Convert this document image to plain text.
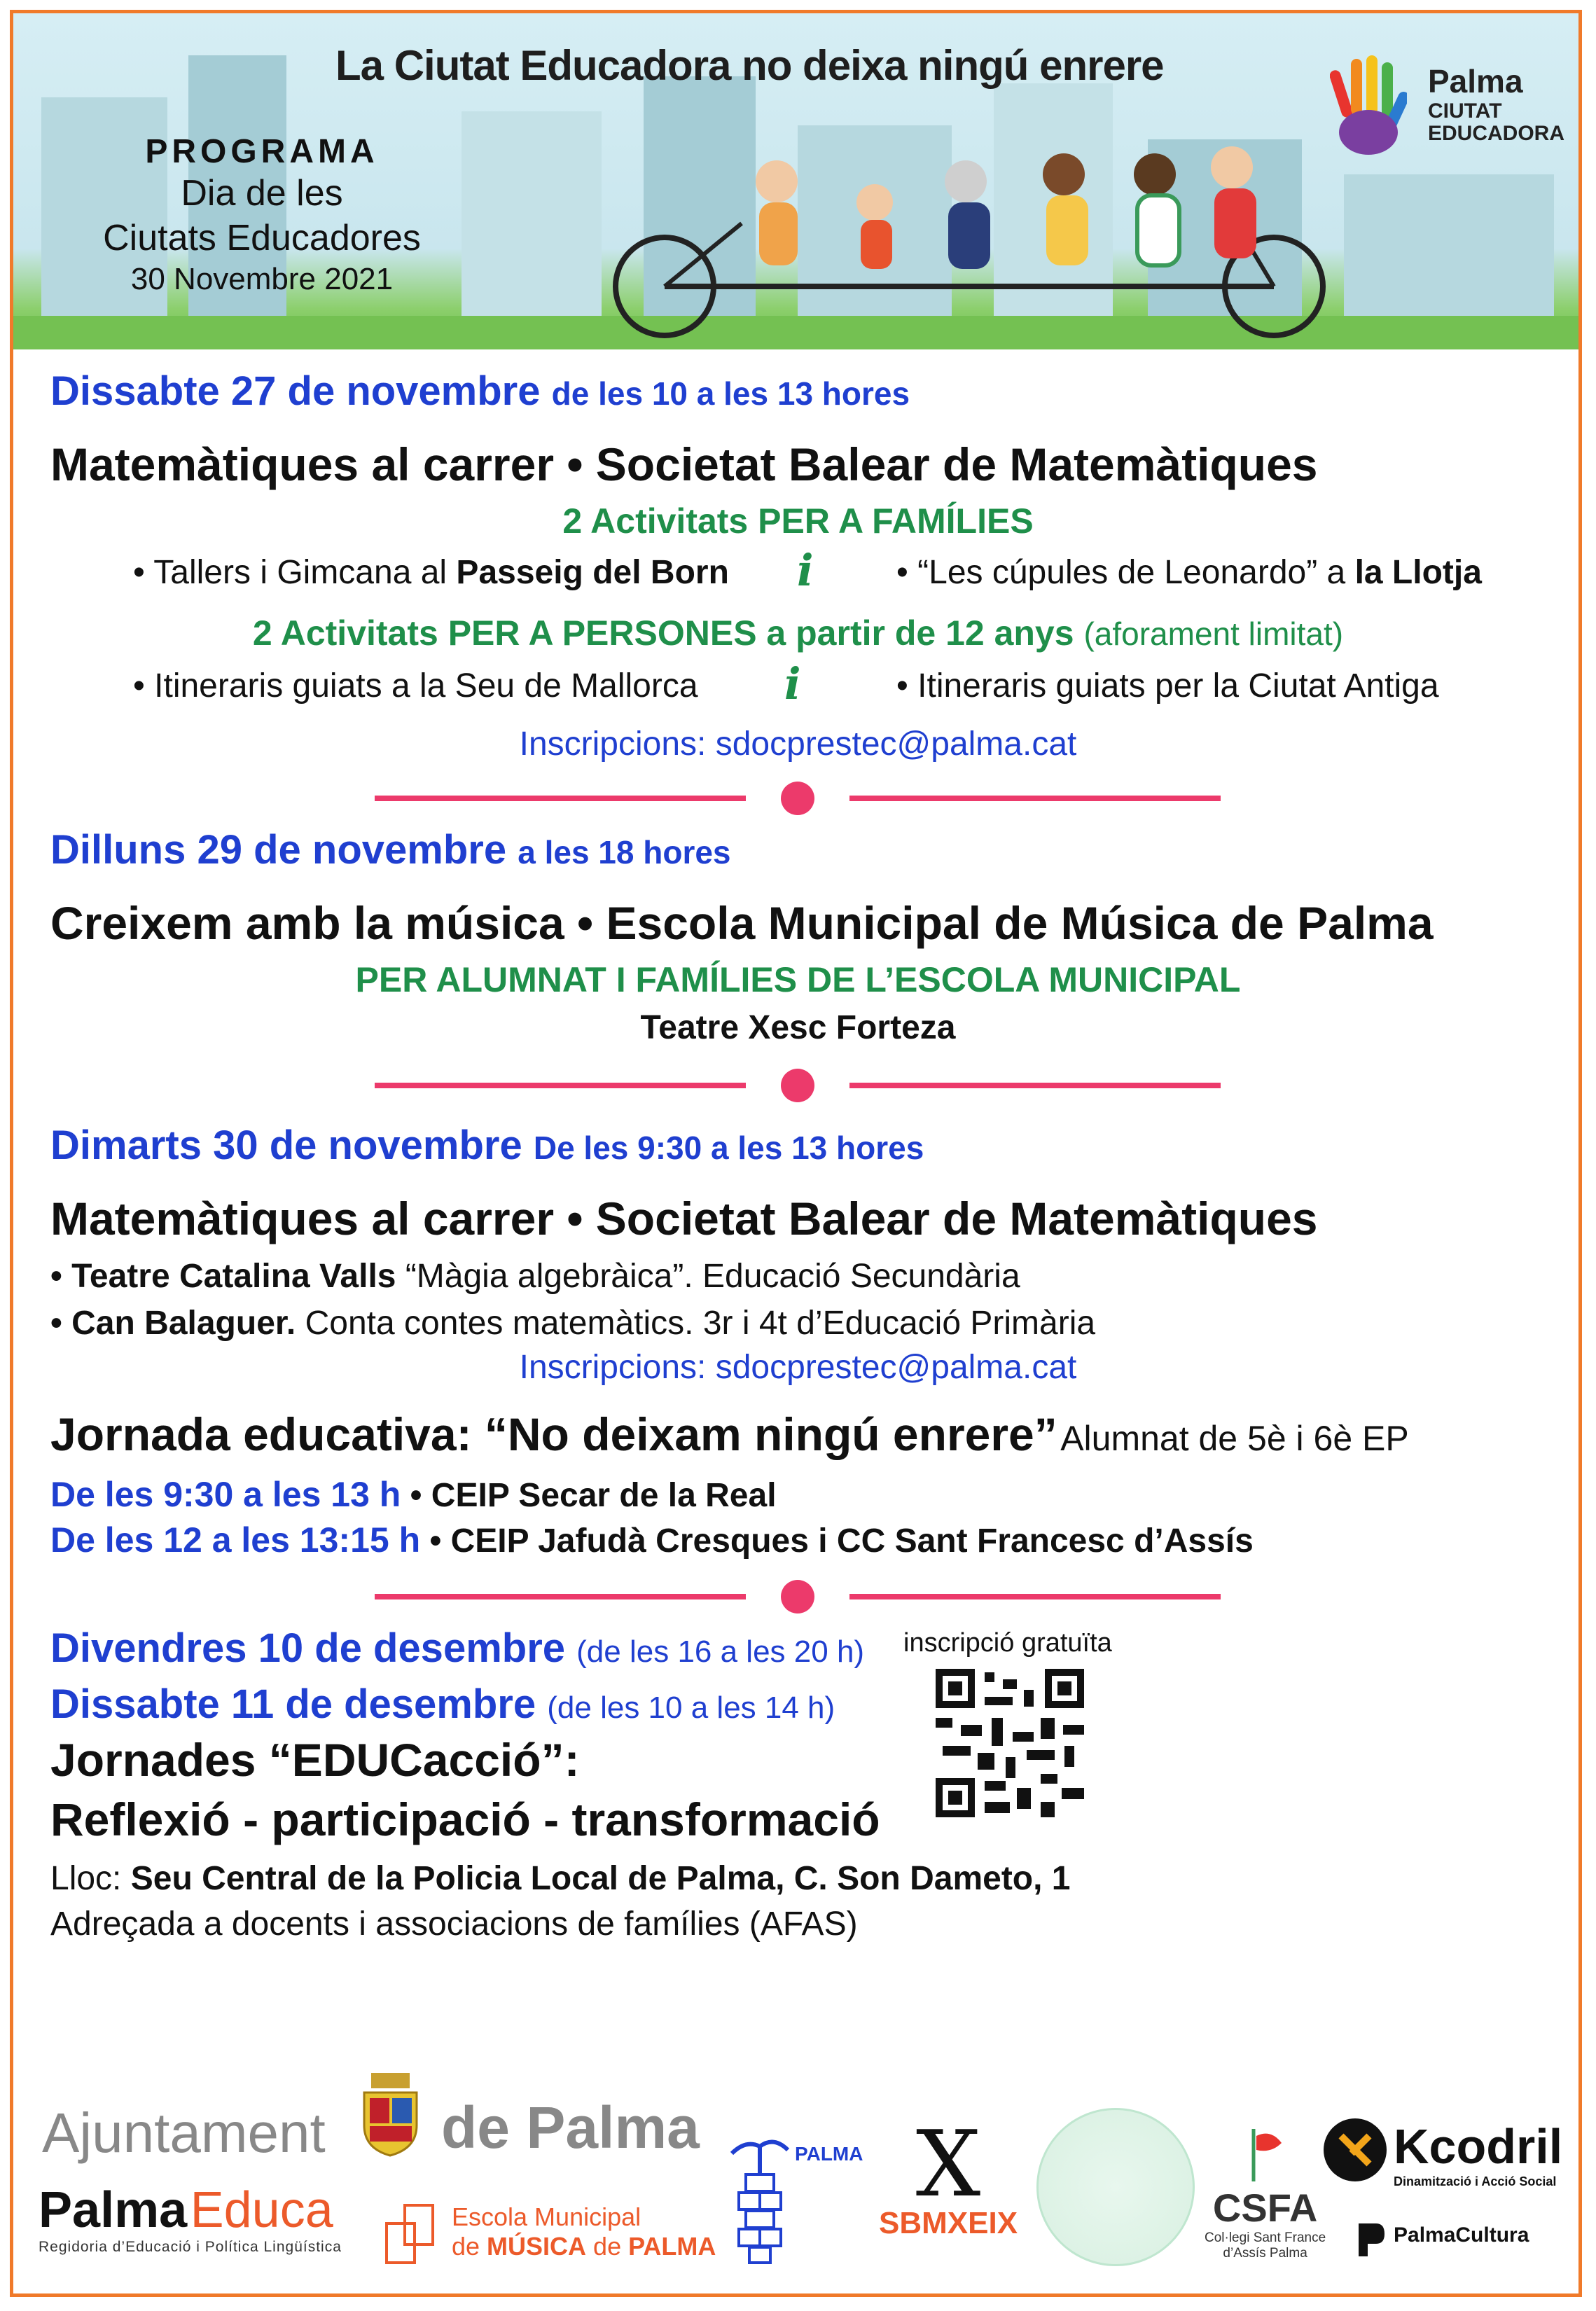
La Ciutat Educadora no deixa ningú enrere
PROGRAMA
Dia de les
Ciutats Educadores
30 Novembre 2021
Palma
CIUTAT
EDUCADORA
Dissabte 27 de novembre de les 10 a les 13 hores
Matemàtiques al carrer • Societat Balear de Matemàtiques
2 Activitats PER A FAMÍLIES
• Tallers i Gimcana al Passeig del Born i • “Les cúpules de Leonardo” a la Llotja
2 Activitats PER A PERSONES a partir de 12 anys (aforament limitat)
• Itineraris guiats a la Seu de Mallorca i	• Itineraris guiats per la Ciutat Antiga
Inscripcions: sdocprestec@palma.cat
Dilluns 29 de novembre a les 18 hores
Creixem amb la música • Escola Municipal de Música de Palma
PER ALUMNAT I FAMÍLIES DE L’ESCOLA MUNICIPAL
Teatre Xesc Forteza
Dimarts 30 de novembre De les 9:30 a les 13 hores
Matemàtiques al carrer • Societat Balear de Matemàtiques
• Teatre Catalina Valls “Màgia algebràica”. Educació Secundària
• Can Balaguer. Conta contes matemàtics. 3r i 4t d’Educació Primària
Inscripcions: sdocprestec@palma.cat
Jornada educativa: “No deixam ningú enrere” Alumnat de 5è i 6è EP
De les 9:30 a les 13 h • CEIP Secar de la Real
De les 12 a les 13:15 h • CEIP Jafudà Cresques i CC Sant Francesc d’Assís
Divendres 10 de desembre (de les 16 a les 20 h)
Dissabte 11 de desembre (de les 10 a les 14 h)
inscripció gratuïta
Jornades “EDUCacció”:
Reflexió - participació - transformació
Lloc: Seu Central de la Policia Local de Palma, C. Son Dameto, 1
Adreçada a docents i associacions de famílies (AFAS)
Ajuntament de Palma
Palma Educa
Regidoria d’Educació i Política Lingüística
Escola Municipal
de MÚSICA de PALMA
PALMA X
SBMXEIX	CSFA
Col·legi Sant France
d’Assís Palma
Kcodril
Dinamització i Acció Social
PalmaCultura
